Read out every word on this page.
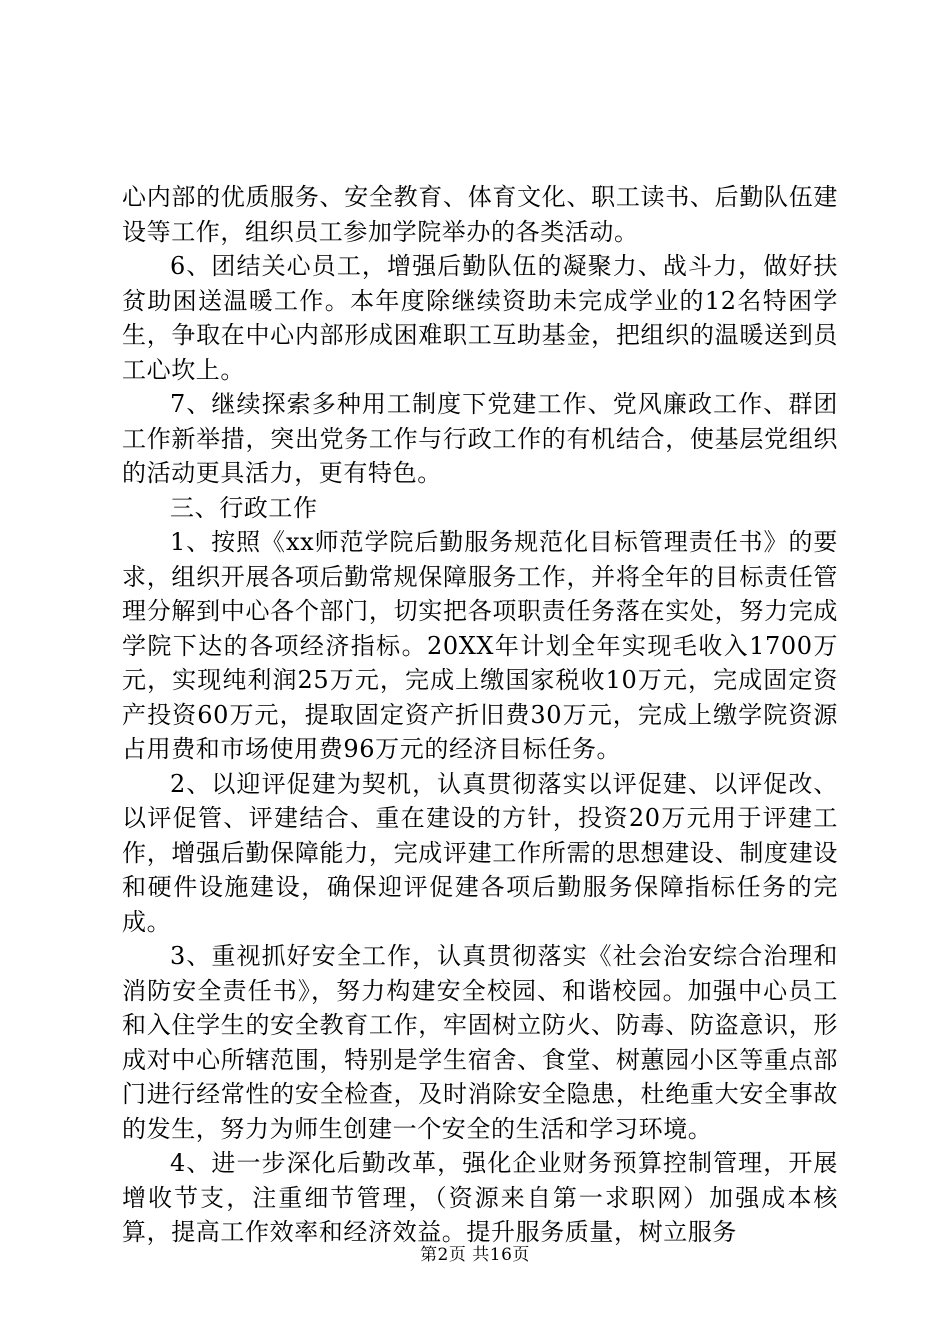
心内部的优质服务、安全教育、体育文化、职工读书、后勤队伍建设等工作，组织员工参加学院举办的各类活动。

6、团结关心员工，增强后勤队伍的凝聚力、战斗力，做好扶贫助困送温暖工作。本年度除继续资助未完成学业的12名特困学生，争取在中心内部形成困难职工互助基金，把组织的温暖送到员工心坎上。

7、继续探索多种用工制度下党建工作、党风廉政工作、群团工作新举措，突出党务工作与行政工作的有机结合，使基层党组织的活动更具活力，更有特色。

三、行政工作

1、按照《xx师范学院后勤服务规范化目标管理责任书》的要求，组织开展各项后勤常规保障服务工作，并将全年的目标责任管理分解到中心各个部门，切实把各项职责任务落在实处，努力完成学院下达的各项经济指标。20XX年计划全年实现毛收入1700万元，实现纯利润25万元，完成上缴国家税收10万元，完成固定资产投资60万元，提取固定资产折旧费30万元，完成上缴学院资源占用费和市场使用费96万元的经济目标任务。

2、以迎评促建为契机，认真贯彻落实以评促建、以评促改、以评促管、评建结合、重在建设的方针，投资20万元用于评建工作，增强后勤保障能力，完成评建工作所需的思想建设、制度建设和硬件设施建设，确保迎评促建各项后勤服务保障指标任务的完成。

3、重视抓好安全工作，认真贯彻落实《社会治安综合治理和消防安全责任书》，努力构建安全校园、和谐校园。加强中心员工和入住学生的安全教育工作，牢固树立防火、防毒、防盗意识，形成对中心所辖范围，特别是学生宿舍、食堂、树蕙园小区等重点部门进行经常性的安全检查，及时消除安全隐患，杜绝重大安全事故的发生，努力为师生创建一个安全的生活和学习环境。

4、进一步深化后勤改革，强化企业财务预算控制管理，开展增收节支，注重细节管理，（资源来自第一求职网）加强成本核算，提高工作效率和经济效益。提升服务质量，树立服务

第2页 共16页
